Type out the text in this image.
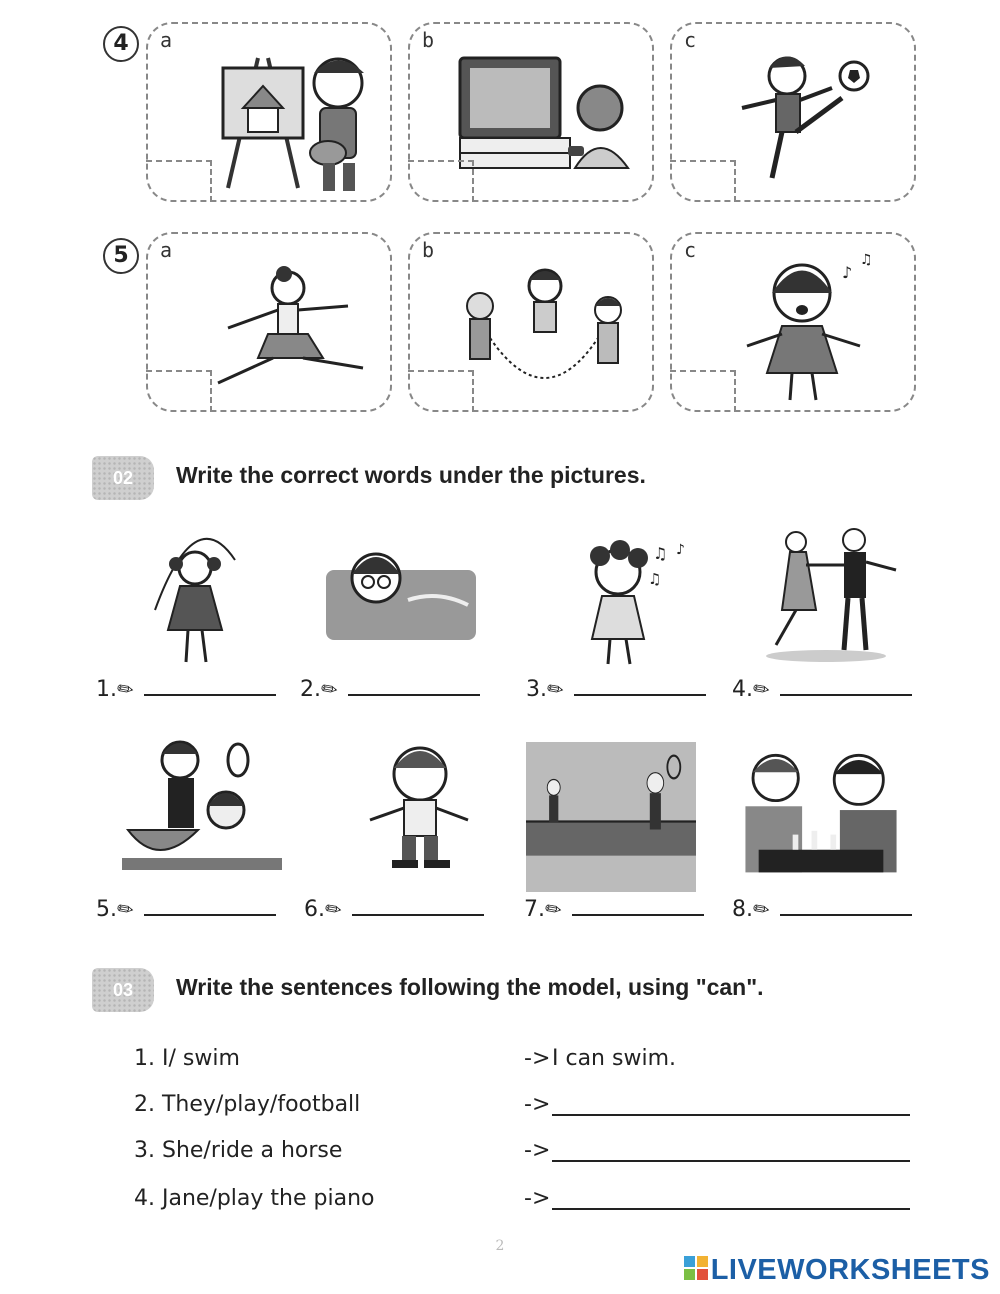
4	a	b	c
5	a	b	c
♪
♫
02	Write the correct words under the pictures.
♫ ♪
♫
1.✏	2.✏	3.✏	4.✏
5.✏	6.✏	7.✏	8.✏
03	Write the sentences following the model, using "can".
1. I/ swim	-> I can swim.
2. They/play/football	->
3. She/ride a horse	->
4. Jane/play the piano	->
2
LIVEWORKSHEETS
